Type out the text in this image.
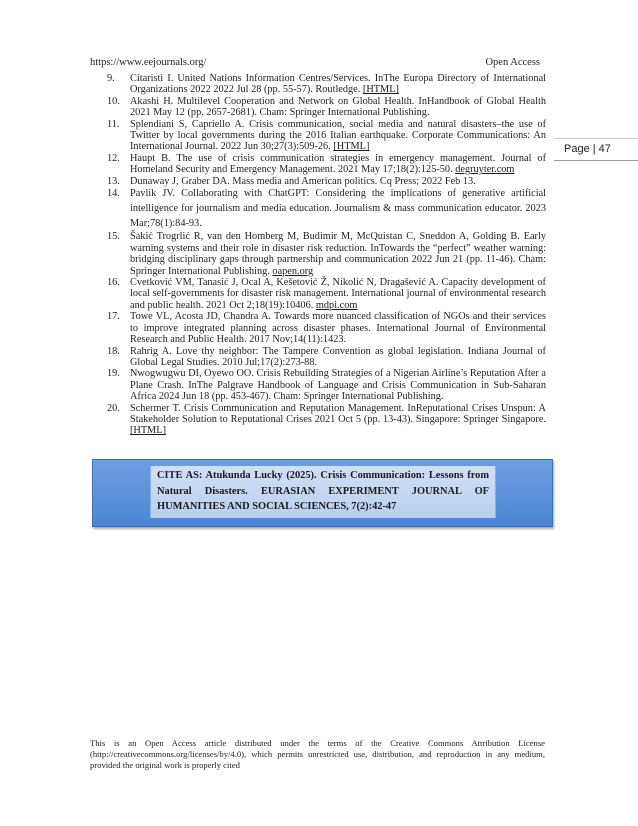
https://www.eejournals.org/	Open Access
Page | 47

9. Citaristi I. United Nations Information Centres/Services. InThe Europa Directory of International Organizations 2022 2022 Jul 28 (pp. 55-57). Routledge. [HTML]

10. Akashi H. Multilevel Cooperation and Network on Global Health. InHandbook of Global Health 2021 May 12 (pp. 2657-2681). Cham: Springer International Publishing.

11. Splendiani S, Capriello A. Crisis communication, social media and natural disasters–the use of Twitter by local governments during the 2016 Italian earthquake. Corporate Communications: An International Journal. 2022 Jun 30;27(3):509-26. [HTML]

12. Haupt B. The use of crisis communication strategies in emergency management. Journal of Homeland Security and Emergency Management. 2021 May 17;18(2):125-50. degruyter.com

13. Dunaway J, Graber DA. Mass media and American politics. Cq Press; 2022 Feb 13.

14. Pavlik JV. Collaborating with ChatGPT: Considering the implications of generative artificial intelligence for journalism and media education. Journalism & mass communication educator. 2023 Mar;78(1):84-93.

15. Šakić Trogrlić R, van den Homberg M, Budimir M, McQuistan C, Sneddon A, Golding B. Early warning systems and their role in disaster risk reduction. InTowards the “perfect” weather warning: bridging disciplinary gaps through partnership and communication 2022 Jun 21 (pp. 11-46). Cham: Springer International Publishing. oapen.org

16. Cvetković VM, Tanasić J, Ocal A, Kešetović Ž, Nikolić N, Dragašević A. Capacity development of local self-governments for disaster risk management. International journal of environmental research and public health. 2021 Oct 2;18(19):10406. mdpi.com

17. Towe VL, Acosta JD, Chandra A. Towards more nuanced classification of NGOs and their services to improve integrated planning across disaster phases. International Journal of Environmental Research and Public Health. 2017 Nov;14(11):1423.

18. Rahrig A. Love thy neighbor: The Tampere Convention as global legislation. Indiana Journal of Global Legal Studies. 2010 Jul;17(2):273-88.

19. Nwogwugwu DI, Oyewo OO. Crisis Rebuilding Strategies of a Nigerian Airline’s Reputation After a Plane Crash. InThe Palgrave Handbook of Language and Crisis Communication in Sub-Saharan Africa 2024 Jun 18 (pp. 453-467). Cham: Springer International Publishing.

20. Schermer T. Crisis Communication and Reputation Management. InReputational Crises Unspun: A Stakeholder Solution to Reputational Crises 2021 Oct 5 (pp. 13-43). Singapore: Springer Singapore. [HTML]

CITE AS: Atukunda Lucky (2025). Crisis Communication: Lessons from Natural Disasters. EURASIAN EXPERIMENT JOURNAL OF HUMANITIES AND SOCIAL SCIENCES, 7(2):42-47
This is an Open Access article distributed under the terms of the Creative Commons Attribution License (http://creativecommons.org/licenses/by/4.0), which permits unrestricted use, distribution, and reproduction in any medium, provided the original work is properly cited
